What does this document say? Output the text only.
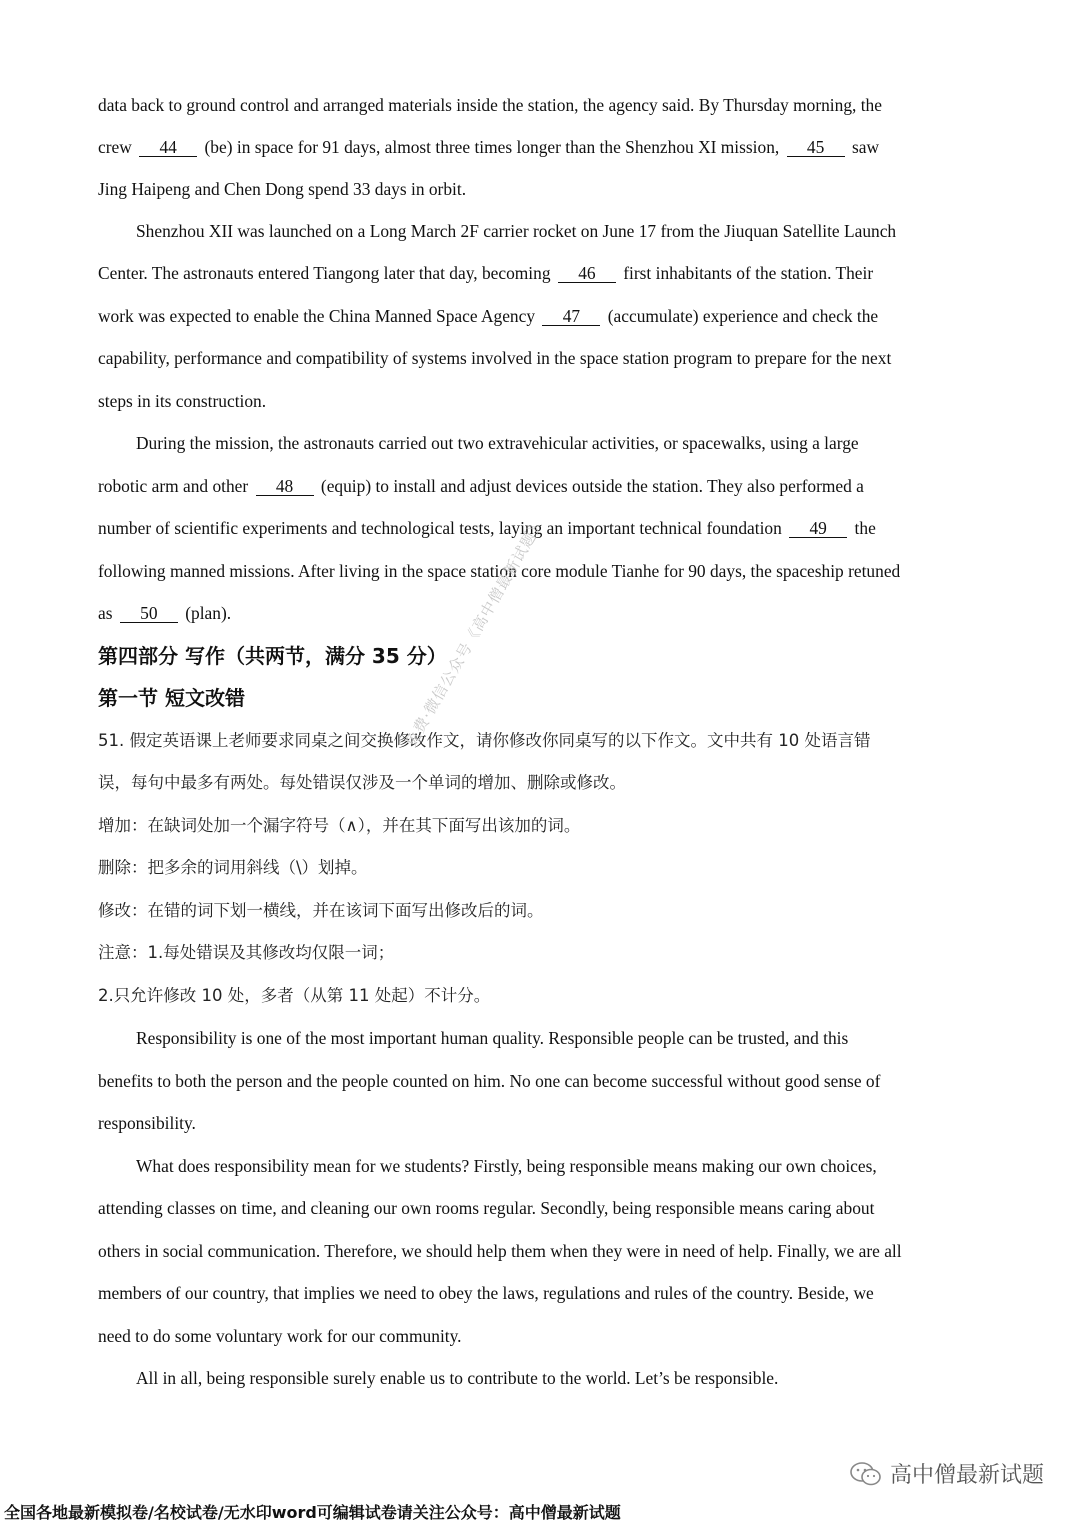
data back to ground control and arranged materials inside the station, the agency said. By Thursday morning, the
crew 44 (be) in space for 91 days, almost three times longer than the Shenzhou XI mission, 45 saw
Jing Haipeng and Chen Dong spend 33 days in orbit.
Shenzhou XII was launched on a Long March 2F carrier rocket on June 17 from the Jiuquan Satellite Launch
Center. The astronauts entered Tiangong later that day, becoming 46 first inhabitants of the station. Their
work was expected to enable the China Manned Space Agency 47 (accumulate) experience and check the
capability, performance and compatibility of systems involved in the space station program to prepare for the next
steps in its construction.
During the mission, the astronauts carried out two extravehicular activities, or spacewalks, using a large
robotic arm and other 48 (equip) to install and adjust devices outside the station. They also performed a
number of scientific experiments and technological tests, laying an important technical foundation 49 the
following manned missions. After living in the space station core module Tianhe for 90 days, the spaceship retuned
as 50 (plan).
第四部分 写作（共两节，满分 35 分）
第一节 短文改错
51. 假定英语课上老师要求同桌之间交换修改作文，请你修改你同桌写的以下作文。文中共有 10 处语言错
误，每句中最多有两处。每处错误仅涉及一个单词的增加、删除或修改。
增加：在缺词处加一个漏字符号（∧），并在其下面写出该加的词。
删除：把多余的词用斜线（\）划掉。
修改：在错的词下划一横线，并在该词下面写出修改后的词。
注意：1.每处错误及其修改均仅限一词；
2.只允许修改 10 处，多者（从第 11 处起）不计分。
Responsibility is one of the most important human quality. Responsible people can be trusted, and this
benefits to both the person and the people counted on him. No one can become successful without good sense of
responsibility.
What does responsibility mean for we students? Firstly, being responsible means making our own choices,
attending classes on time, and cleaning our own rooms regular. Secondly, being responsible means caring about
others in social communication. Therefore, we should help them when they were in need of help. Finally, we are all
members of our country, that implies we need to obey the laws, regulations and rules of the country. Beside, we
need to do some voluntary work for our community.
All in all, being responsible surely enable us to contribute to the world. Let’s be responsible.
免费·微信公众号《高中僧最新试题》
高中僧最新试题
全国各地最新模拟卷/名校试卷/无水印word可编辑试卷请关注公众号：高中僧最新试题
